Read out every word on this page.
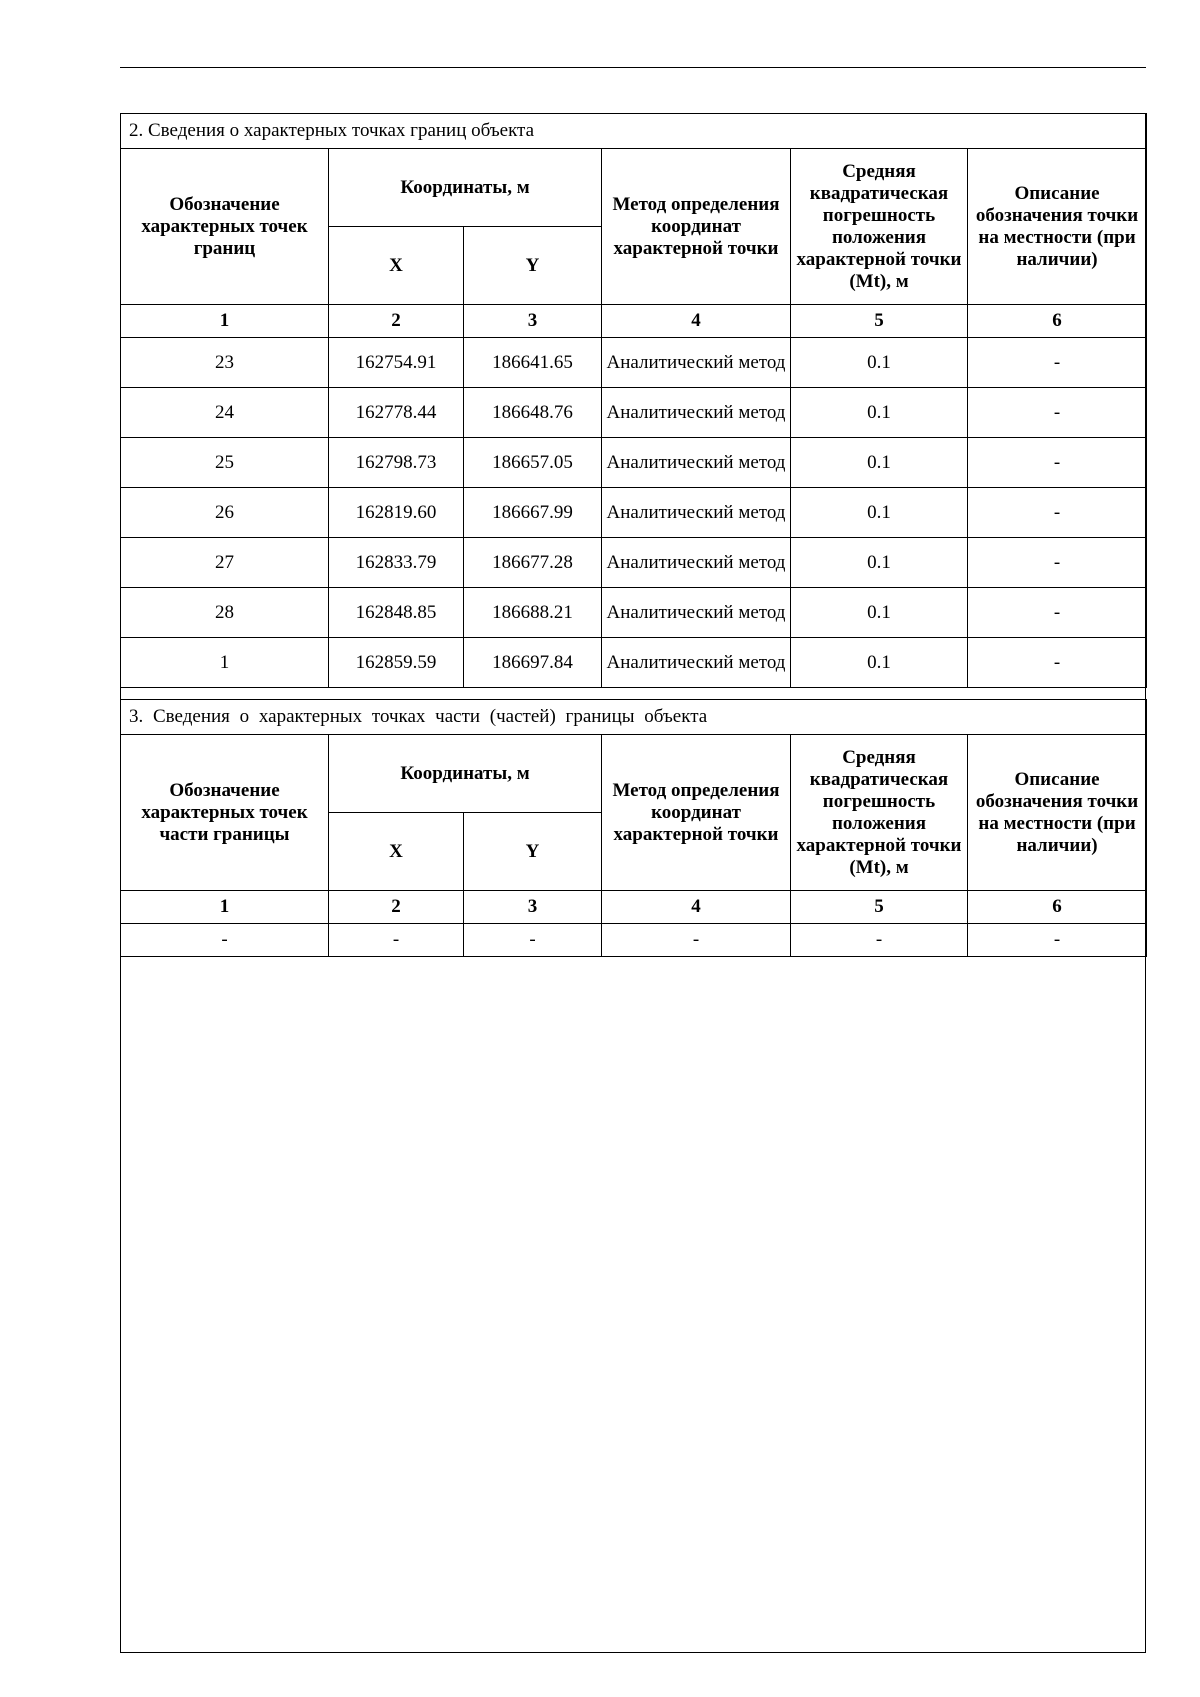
2. Сведения о характерных точках границ объекта					
Обозначение характерных точек границ	Координаты, м		Метод определения координат характерной точки	Средняя квадратическая погрешность положения характерной точки (Mt), м	Описание обозначения точки на местности (при наличии)
	X	Y			
1	2	3	4	5	6
23	162754.91	186641.65	Аналитический метод	0.1	-
24	162778.44	186648.76	Аналитический метод	0.1	-
25	162798.73	186657.05	Аналитический метод	0.1	-
26	162819.60	186667.99	Аналитический метод	0.1	-
27	162833.79	186677.28	Аналитический метод	0.1	-
28	162848.85	186688.21	Аналитический метод	0.1	-
1	162859.59	186697.84	Аналитический метод	0.1	-
3. Сведения о характерных точках части (частей) границы объекта					
Обозначение характерных точек части границы	Координаты, м		Метод определения координат характерной точки	Средняя квадратическая погрешность положения характерной точки (Mt), м	Описание обозначения точки на местности (при наличии)
	X	Y			
1	2	3	4	5	6
-	-	-	-	-	-
